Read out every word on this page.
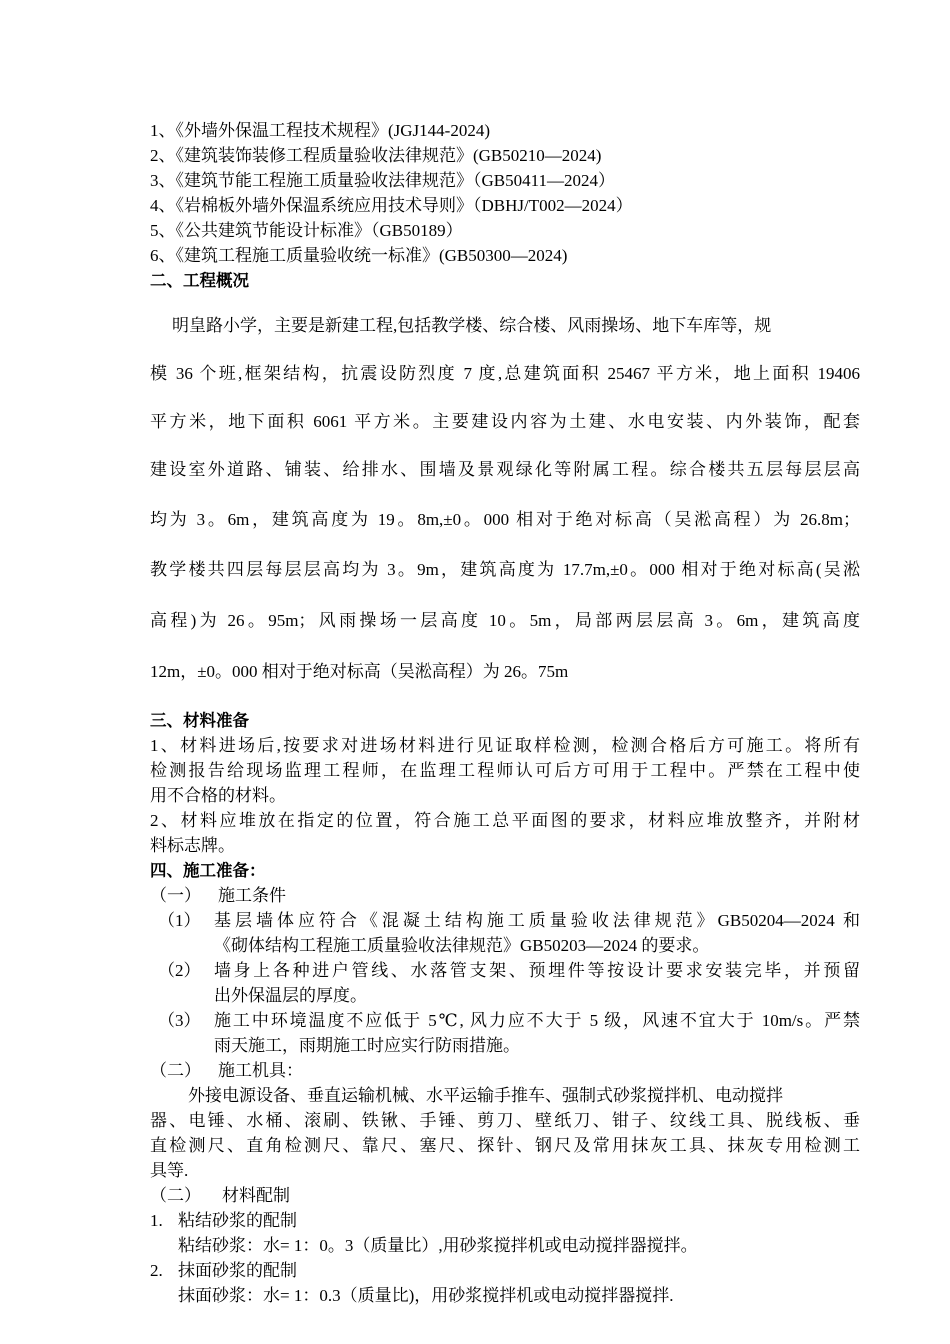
1、《外墙外保温工程技术规程》(JGJ144-2024)
2、《建筑装饰装修工程质量验收法律规范》(GB50210—2024)
3、《建筑节能工程施工质量验收法律规范》（GB50411—2024）
4、《岩棉板外墙外保温系统应用技术导则》（DBHJ/T002—2024）
5、《公共建筑节能设计标准》（GB50189）
6、《建筑工程施工质量验收统一标准》(GB50300—2024)
二、工程概况
明皇路小学，主要是新建工程,包括教学楼、综合楼、风雨操场、地下车库等，规
模 36 个班,框架结构，抗震设防烈度 7 度,总建筑面积 25467 平方米，地上面积 19406
平方米，地下面积 6061 平方米。主要建设内容为土建、水电安装、内外装饰，配套
建设室外道路、铺装、给排水、围墙及景观绿化等附属工程。综合楼共五层每层层高
均为 3。6m，建筑高度为 19。8m,±0。000 相对于绝对标高（吴淞高程）为 26.8m；
教学楼共四层每层层高均为 3。9m，建筑高度为 17.7m,±0。000 相对于绝对标高(吴淞
高程)为 26。95m；风雨操场一层高度 10。5m，局部两层层高 3。6m，建筑高度
12m，±0。000 相对于绝对标高（吴淞高程）为 26。75m
三、材料准备
1、材料进场后,按要求对进场材料进行见证取样检测，检测合格后方可施工。将所有
检测报告给现场监理工程师，在监理工程师认可后方可用于工程中。严禁在工程中使
用不合格的材料。
2、材料应堆放在指定的位置，符合施工总平面图的要求，材料应堆放整齐，并附材
料标志牌。
四、施工准备：
（一） 施工条件
（1） 基层墙体应符合《混凝土结构施工质量验收法律规范》GB50204—2024 和
《砌体结构工程施工质量验收法律规范》GB50203—2024 的要求。
（2） 墙身上各种进户管线、水落管支架、预埋件等按设计要求安装完毕，并预留
出外保温层的厚度。
（3） 施工中环境温度不应低于 5℃, 风力应不大于 5 级，风速不宜大于 10m/s。严禁
雨天施工，雨期施工时应实行防雨措施。
（二） 施工机具：
外接电源设备、垂直运输机械、水平运输手推车、强制式砂浆搅拌机、电动搅拌
器、电锤、水桶、滚刷、铁锹、手锤、剪刀、壁纸刀、钳子、纹线工具、脱线板、垂
直检测尺、直角检测尺、靠尺、塞尺、探针、钢尺及常用抹灰工具、抹灰专用检测工
具等.
（二） 材料配制
1. 粘结砂浆的配制
粘结砂浆：水= 1：0。3（质量比）,用砂浆搅拌机或电动搅拌器搅拌。
2. 抹面砂浆的配制
抹面砂浆：水= 1：0.3（质量比)，用砂浆搅拌机或电动搅拌器搅拌.
